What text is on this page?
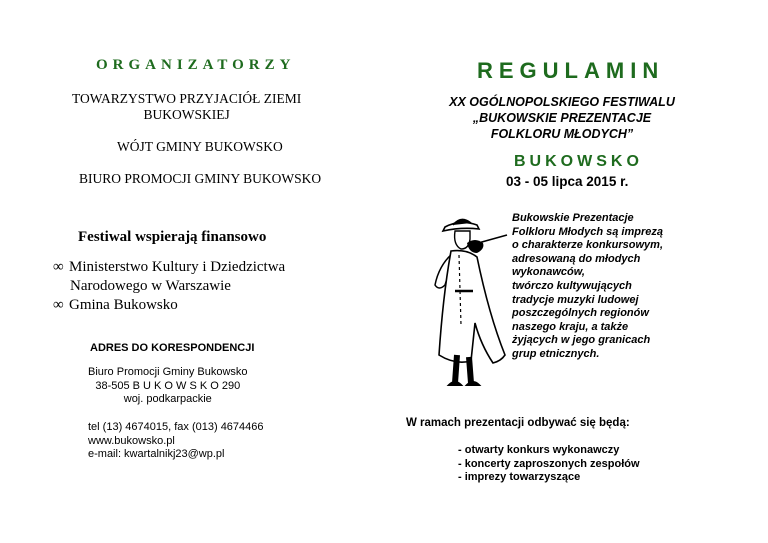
ORGANIZATORZY
TOWARZYSTWO PRZYJACIÓŁ ZIEMI
BUKOWSKIEJ
WÓJT GMINY BUKOWSKO
BIURO PROMOCJI GMINY BUKOWSKO
Festiwal wspierają finansowo
∞ Ministerstwo Kultury i Dziedzictwa
Narodowego w Warszawie
∞ Gmina Bukowsko
ADRES DO KORESPONDENCJI
Biuro Promocji Gminy Bukowsko
38-505 B U K O W S K O 290
woj. podkarpackie
tel (13) 4674015, fax (013) 4674466
www.bukowsko.pl
e-mail: kwartalnikj23@wp.pl
REGULAMIN
XX OGÓLNOPOLSKIEGO FESTIWALU
„BUKOWSKIE PREZENTACJE
FOLKLORU MŁODYCH”
BUKOWSKO
03 - 05 lipca 2015 r.
Bukowskie Prezentacje
Folkloru Młodych są imprezą
o charakterze konkursowym,
adresowaną do młodych
wykonawców,
twórczo kultywujących
tradycje muzyki ludowej
poszczególnych regionów
naszego kraju, a także
żyjących w jego granicach
grup etnicznych.
W ramach prezentacji odbywać się będą:
- otwarty konkurs wykonawczy
- koncerty zaproszonych zespołów
- imprezy towarzyszące
